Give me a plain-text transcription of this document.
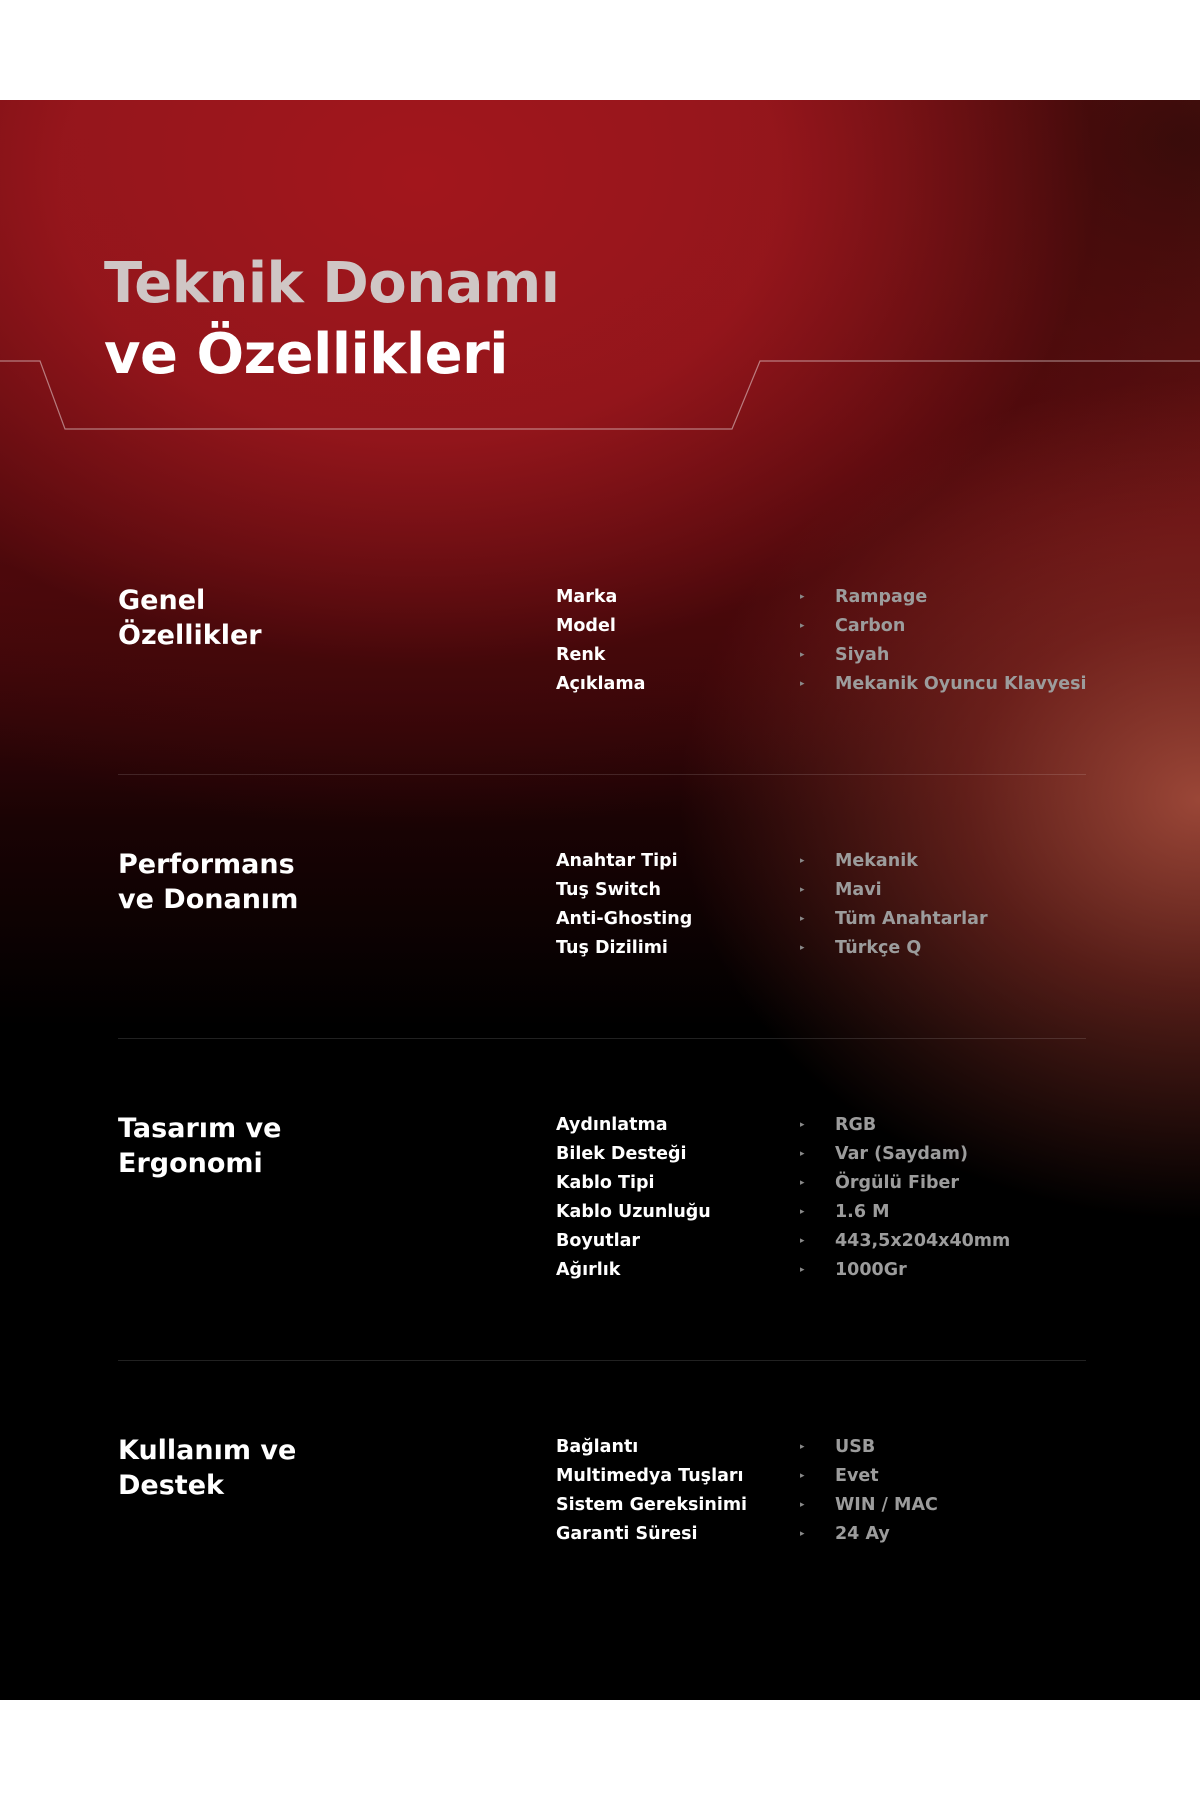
Teknik Donamı
ve Özellikleri
Genel
Özellikler
Marka	▸ Rampage
Model	▸ Carbon
Renk	▸ Siyah
Açıklama	▸ Mekanik Oyuncu Klavyesi
Performans
ve Donanım
Anahtar Tipi	▸ Mekanik
Tuş Switch	▸ Mavi
Anti-Ghosting	▸ Tüm Anahtarlar
Tuş Dizilimi	▸ Türkçe Q
Tasarım ve
Ergonomi
Aydınlatma	▸ RGB
Bilek Desteği	▸ Var (Saydam)
Kablo Tipi	▸ Örgülü Fiber
Kablo Uzunluğu	▸ 1.6 M
Boyutlar	▸ 443,5x204x40mm
Ağırlık	▸ 1000Gr
Kullanım ve
Destek
Bağlantı	▸ USB
Multimedya Tuşları	▸ Evet
Sistem Gereksinimi	▸ WIN / MAC
Garanti Süresi	▸ 24 Ay
